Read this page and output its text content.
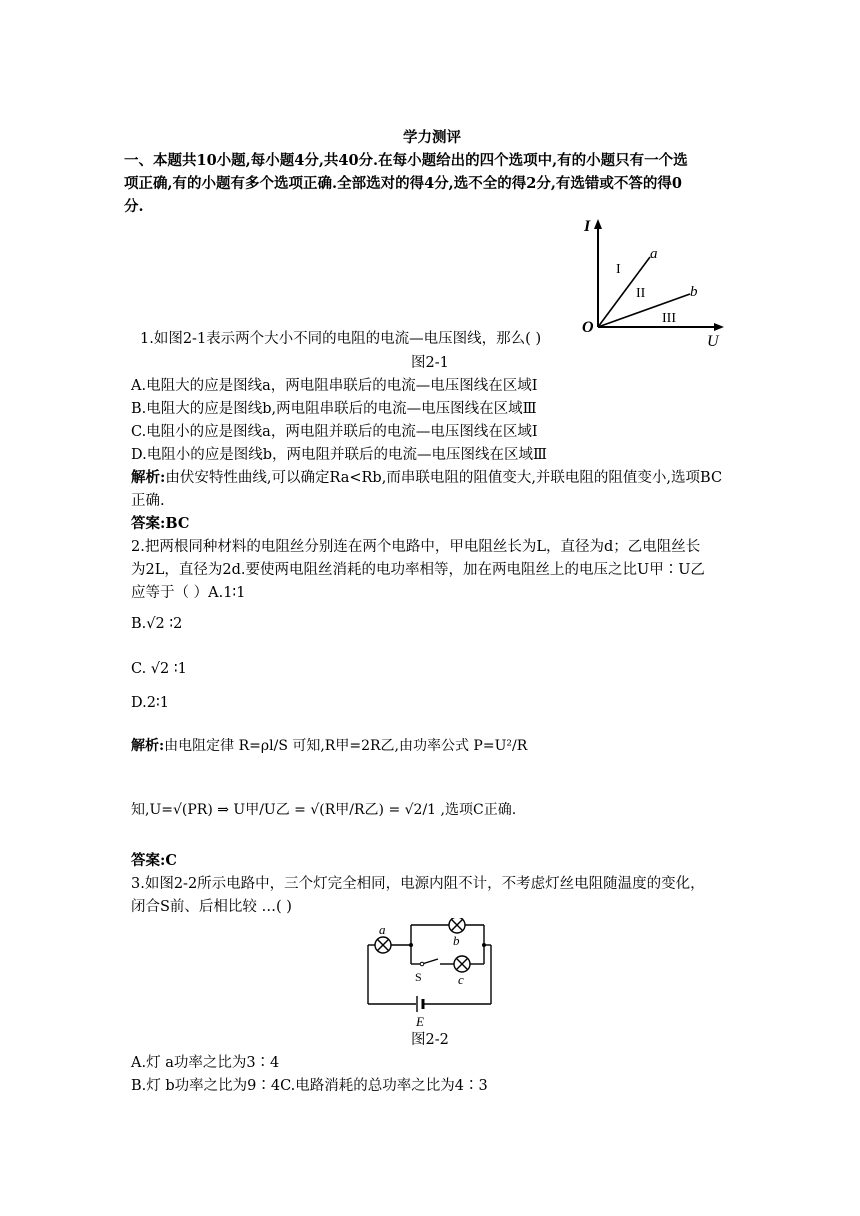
学力测评
一、本题共10小题,每小题4分,共40分.在每小题给出的四个选项中,有的小题只有一个选
项正确,有的小题有多个选项正确.全部选对的得4分,选不全的得2分,有选错或不答的得0
分.
I
U
O
a
b
I
II
III
1.如图2-1表示两个大小不同的电阻的电流—电压图线，那么( )
图2-1
A.电阻大的应是图线a，两电阻串联后的电流—电压图线在区域Ⅰ
B.电阻大的应是图线b,两电阻串联后的电流—电压图线在区域Ⅲ
C.电阻小的应是图线a，两电阻并联后的电流—电压图线在区域Ⅰ
D.电阻小的应是图线b，两电阻并联后的电流—电压图线在区域Ⅲ
解析:由伏安特性曲线,可以确定Ra<Rb,而串联电阻的阻值变大,并联电阻的阻值变小,选项BC
正确.
答案:BC
2.把两根同种材料的电阻丝分别连在两个电路中，甲电阻丝长为L，直径为d；乙电阻丝长
为2L，直径为2d.要使两电阻丝消耗的电功率相等，加在两电阻丝上的电压之比U甲∶U乙
应等于（ ）A.1∶1
B.√2 ∶2
C. √2 ∶1
D.2∶1
解析:由电阻定律 R=ρl/S 可知,R甲=2R乙,由功率公式 P=U²/R
知,U=√(PR) ⇒ U甲/U乙 = √(R甲/R乙) = √2/1 ,选项C正确.
答案:C
3.如图2-2所示电路中，三个灯完全相同，电源内阻不计，不考虑灯丝电阻随温度的变化，
闭合S前、后相比较 …( )
a
b
S	c
E
图2-2
A.灯 a功率之比为3∶4
B.灯 b功率之比为9∶4C.电路消耗的总功率之比为4∶3
